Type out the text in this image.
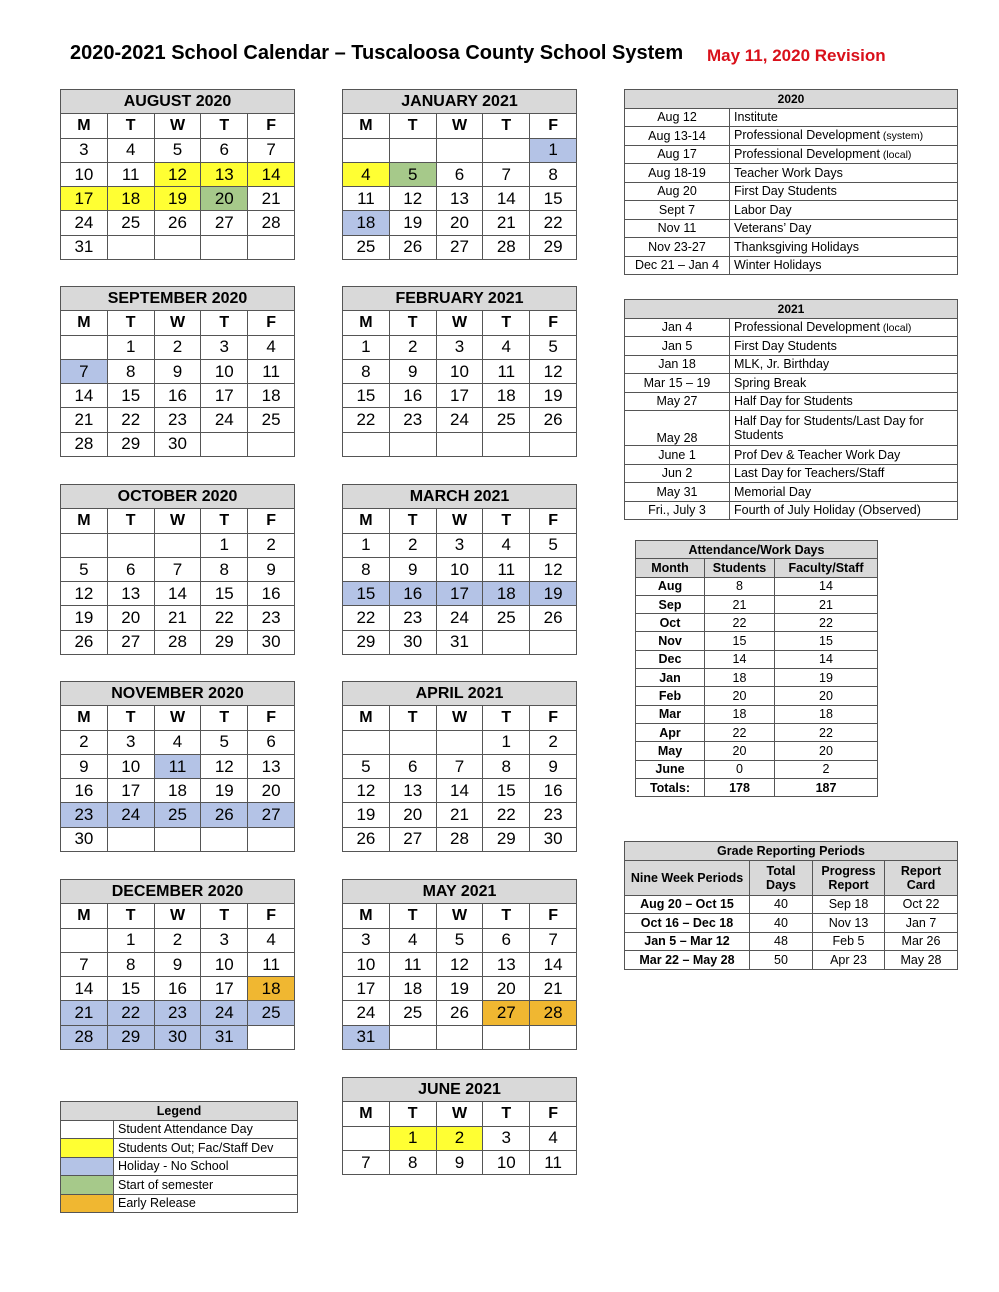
2020-2021 School Calendar – Tuscaloosa County School System May 11, 2020 Revision
AUGUST 2020				
M	T	W	T	F
3	4	5	6	7
10	11	12	13	14
17	18	19	20	21
24	25	26	27	28
31				
JANUARY 2021				
M	T	W	T	F
				1
4	5	6	7	8
11	12	13	14	15
18	19	20	21	22
25	26	27	28	29
SEPTEMBER 2020				
M	T	W	T	F
	1	2	3	4
7	8	9	10	11
14	15	16	17	18
21	22	23	24	25
28	29	30		
FEBRUARY 2021				
M	T	W	T	F
1	2	3	4	5
8	9	10	11	12
15	16	17	18	19
22	23	24	25	26

OCTOBER 2020				
M	T	W	T	F
			1	2
5	6	7	8	9
12	13	14	15	16
19	20	21	22	23
26	27	28	29	30
MARCH 2021				
M	T	W	T	F
1	2	3	4	5
8	9	10	11	12
15	16	17	18	19
22	23	24	25	26
29	30	31		
NOVEMBER 2020				
M	T	W	T	F
2	3	4	5	6
9	10	11	12	13
16	17	18	19	20
23	24	25	26	27
30				
APRIL 2021				
M	T	W	T	F
			1	2
5	6	7	8	9
12	13	14	15	16
19	20	21	22	23
26	27	28	29	30
DECEMBER 2020				
M	T	W	T	F
	1	2	3	4
7	8	9	10	11
14	15	16	17	18
21	22	23	24	25
28	29	30	31	
MAY 2021				
M	T	W	T	F
3	4	5	6	7
10	11	12	13	14
17	18	19	20	21
24	25	26	27	28
31				
JUNE 2021				
M	T	W	T	F
	1	2	3	4
7	8	9	10	11
2020	
Aug 12	Institute
Aug 13-14	Professional Development (system)
Aug 17	Professional Development (local)
Aug 18-19	Teacher Work Days
Aug 20	First Day Students
Sept 7	Labor Day
Nov 11	Veterans’ Day
Nov 23-27	Thanksgiving Holidays
Dec 21 – Jan 4	Winter Holidays
2021	
Jan 4	Professional Development (local)
Jan 5	First Day Students
Jan 18	MLK, Jr. Birthday
Mar 15 – 19	Spring Break
May 27	Half Day for Students
May 28	Half Day for Students/Last Day for Students
June 1	Prof Dev & Teacher Work Day
Jun 2	Last Day for Teachers/Staff
May 31	Memorial Day
Fri., July 3	Fourth of July Holiday (Observed)
Attendance/Work Days		
Month	Students	Faculty/Staff
Aug	8	14
Sep	21	21
Oct	22	22
Nov	15	15
Dec	14	14
Jan	18	19
Feb	20	20
Mar	18	18
Apr	22	22
May	20	20
June	0	2
Totals:	178	187
Grade Reporting Periods			
Nine Week Periods	Total Days	Progress Report	Report Card
Aug 20 – Oct 15	40	Sep 18	Oct 22
Oct 16 – Dec 18	40	Nov 13	Jan 7
Jan 5 – Mar 12	48	Feb 5	Mar 26
Mar 22 – May 28	50	Apr 23	May 28
Legend	
	Student Attendance Day
	Students Out; Fac/Staff Dev
	Holiday - No School
	Start of semester
	Early Release
